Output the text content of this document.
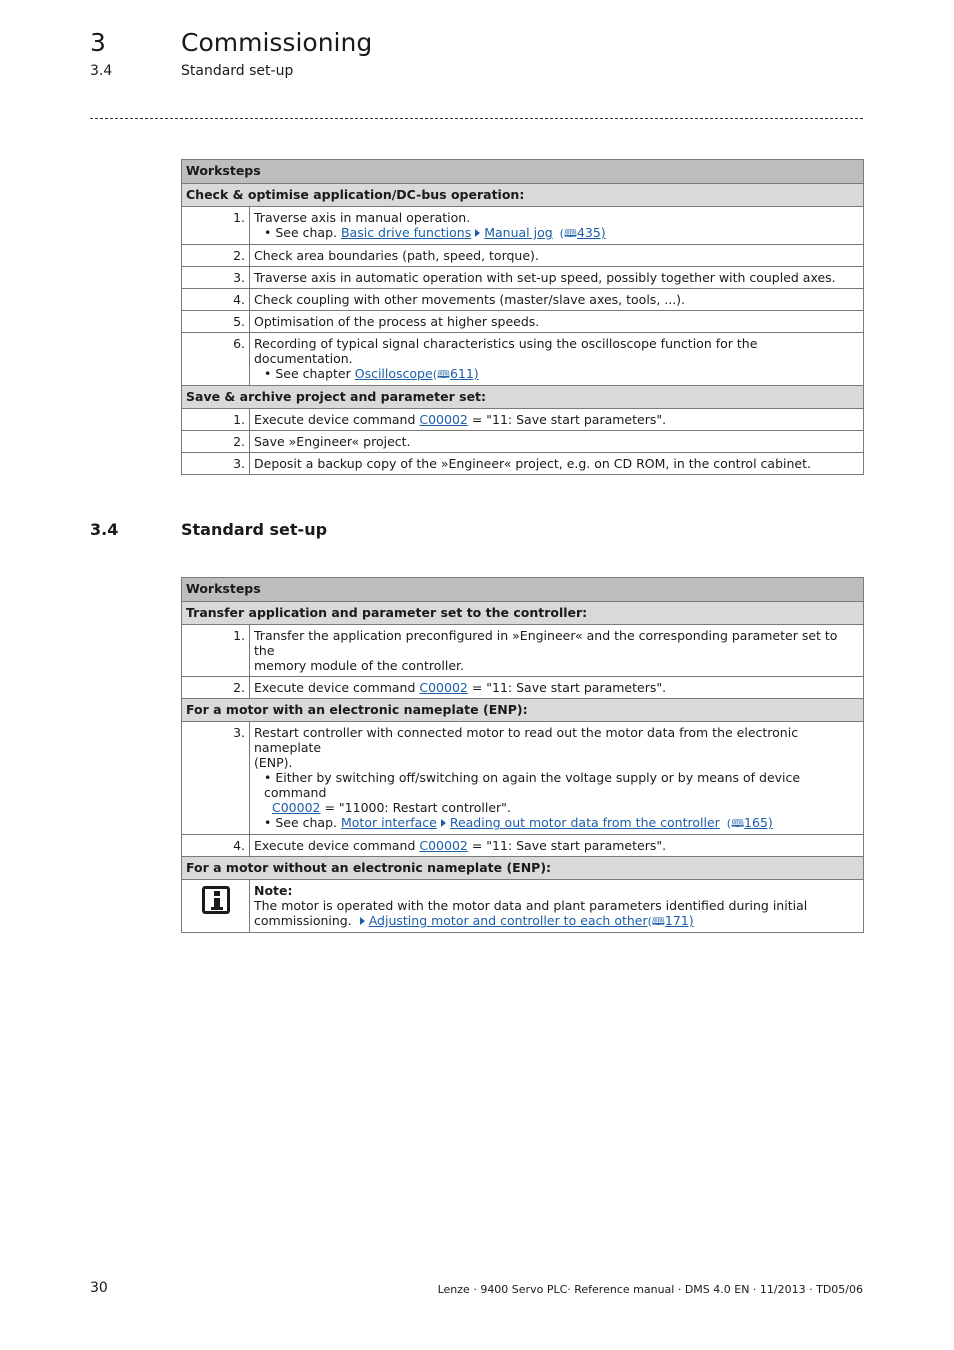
3	Commissioning
3.4	Standard set-up
Worksteps	
Check & optimise application/DC-bus operation:	
1.	Traverse axis in manual operation.
• See chap. Basic drive functions Manual jog  (🕮435)

2.	Check area boundaries (path, speed, torque).
3.	Traverse axis in automatic operation with set-up speed, possibly together with coupled axes.
4.	Check coupling with other movements (master/slave axes, tools, ...).
5.	Optimisation of the process at higher speeds.
6.	Recording of typical signal characteristics using the oscilloscope function for the documentation.
• See chapter Oscilloscope(🕮611)

Save & archive project and parameter set:	
1.	Execute device command C00002 = "11: Save start parameters".
2.	Save »Engineer« project.
3.	Deposit a backup copy of the »Engineer« project, e.g. on CD ROM, in the control cabinet.
3.4	Standard set-up
Worksteps	
Transfer application and parameter set to the controller:	
1.	Transfer the application preconfigured in »Engineer« and the corresponding parameter set to the
memory module of the controller.

2.	Execute device command C00002 = "11: Save start parameters".
For a motor with an electronic nameplate (ENP):	
3.	Restart controller with connected motor to read out the motor data from the electronic nameplate
(ENP).
• Either by switching off/switching on again the voltage supply or by means of device command
C00002 = "11000: Restart controller".
• See chap. Motor interface Reading out motor data from the controller  (🕮165)

4.	Execute device command C00002 = "11: Save start parameters".
For a motor without an electronic nameplate (ENP):	

	Note:
The motor is operated with the motor data and plant parameters identified during initial
commissioning. Adjusting motor and controller to each other(🕮171)
30	Lenze · 9400 Servo PLC· Reference manual · DMS 4.0 EN · 11/2013 · TD05/06
